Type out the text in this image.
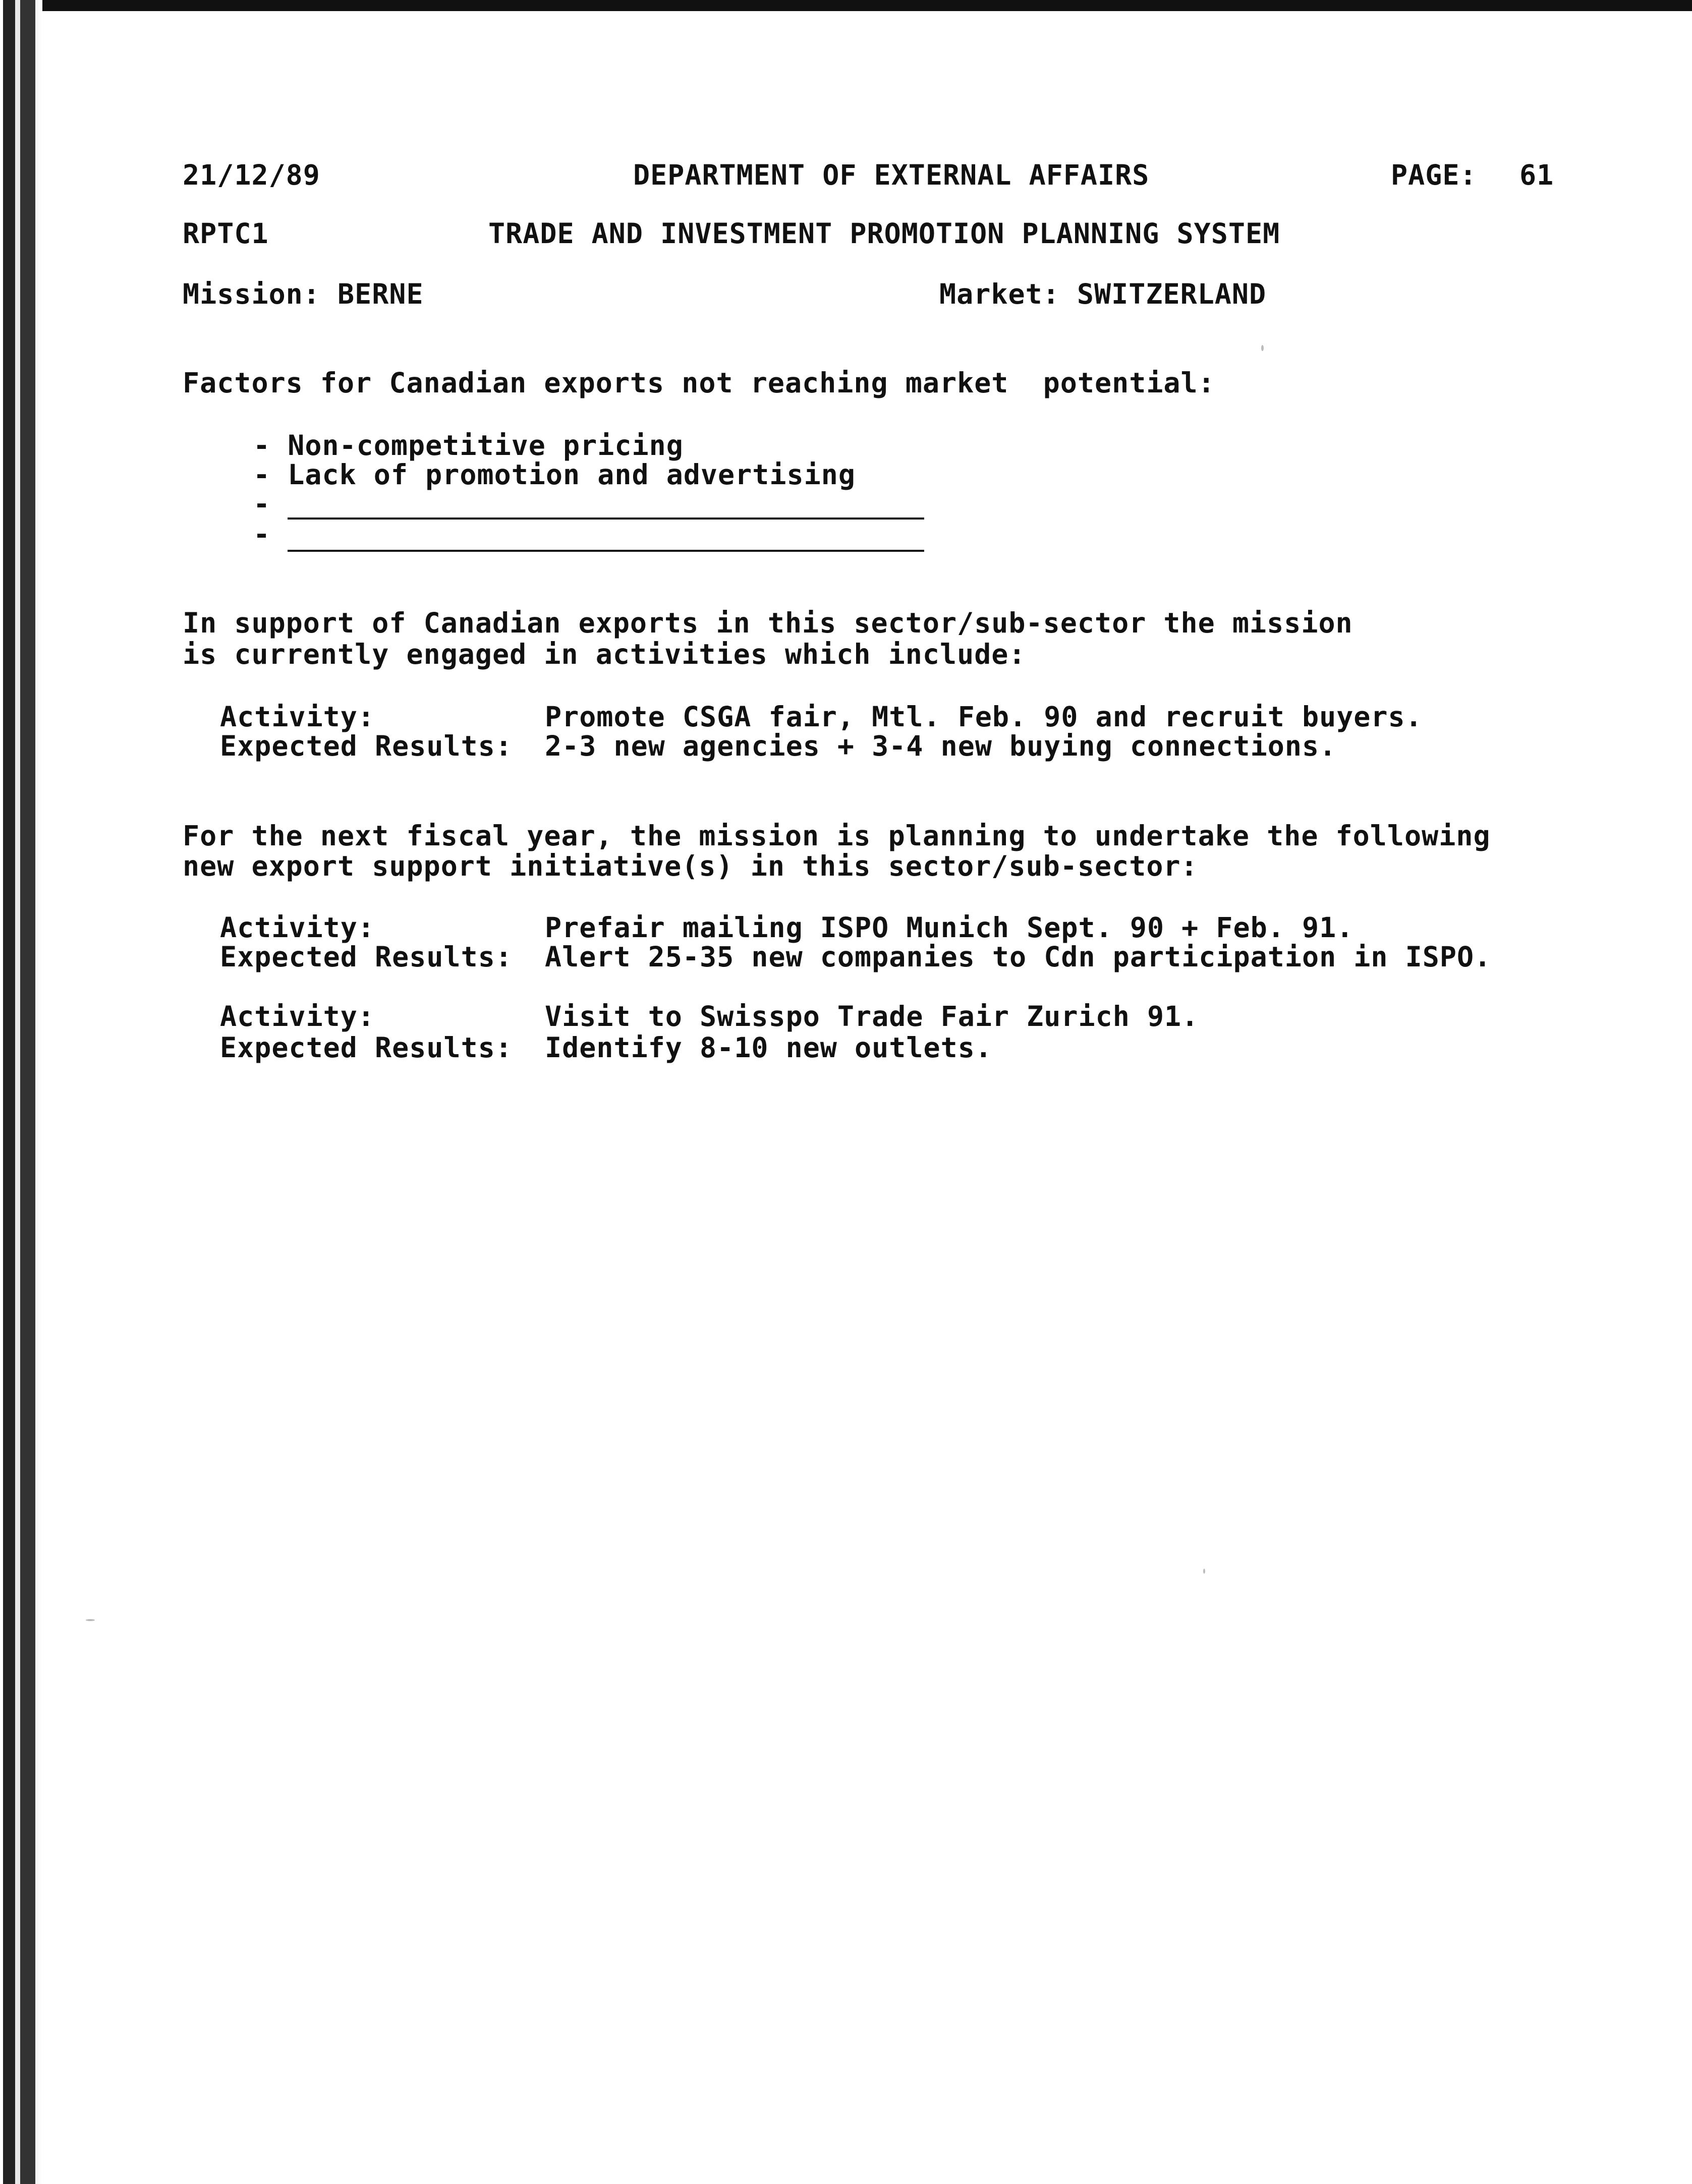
21/12/89	DEPARTMENT OF EXTERNAL AFFAIRS	PAGE: 61
RPTC1	TRADE AND INVESTMENT PROMOTION PLANNING SYSTEM
Mission: BERNE	Market: SWITZERLAND
Factors for Canadian exports not reaching market  potential:
- Non-competitive pricing
- Lack of promotion and advertising
-
-
In support of Canadian exports in this sector/sub-sector the mission
is currently engaged in activities which include:
Activity:	Promote CSGA fair, Mtl. Feb. 90 and recruit buyers.
Expected Results: 2-3 new agencies + 3-4 new buying connections.
For the next fiscal year, the mission is planning to undertake the following
new export support initiative(s) in this sector/sub-sector:
Activity:	Prefair mailing ISPO Munich Sept. 90 + Feb. 91.
Expected Results: Alert 25-35 new companies to Cdn participation in ISPO.
Activity:	Visit to Swisspo Trade Fair Zurich 91.
Expected Results: Identify 8-10 new outlets.
